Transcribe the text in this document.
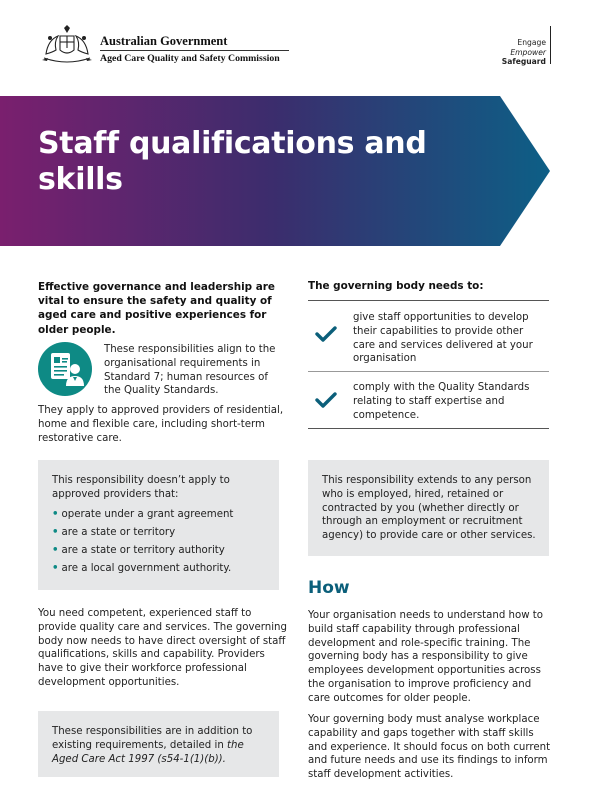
Australian Government
Aged Care Quality and Safety Commission
Engage
Empower
Safeguard
Staff qualifications and skills
Effective governance and leadership are vital to ensure the safety and quality of aged care and positive experiences for older people.
These responsibilities align to the organisational requirements in Standard 7; human resources of the Quality Standards.
They apply to approved providers of residential, home and flexible care, including short-term restorative care.
This responsibility doesn’t apply to approved providers that:
• operate under a grant agreement
• are a state or territory
• are a state or territory authority
• are a local government authority.
You need competent, experienced staff to provide quality care and services. The governing body now needs to have direct oversight of staff qualifications, skills and capability. Providers have to give their workforce professional development opportunities.
These responsibilities are in addition to existing requirements, detailed in the Aged Care Act 1997 (s54-1(1)(b)).
The governing body needs to:
give staff opportunities to develop their capabilities to provide other care and services delivered at your organisation
comply with the Quality Standards relating to staff expertise and competence.
This responsibility extends to any person who is employed, hired, retained or contracted by you (whether directly or through an employment or recruitment agency) to provide care or other services.
How
Your organisation needs to understand how to build staff capability through professional development and role-specific training. The governing body has a responsibility to give employees development opportunities across the organisation to improve proficiency and care outcomes for older people.
Your governing body must analyse workplace capability and gaps together with staff skills and experience. It should focus on both current and future needs and use its findings to inform staff development activities.
